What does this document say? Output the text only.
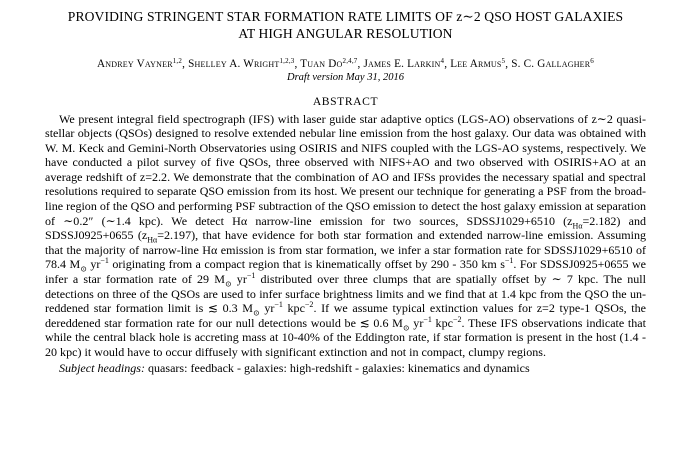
PROVIDING STRINGENT STAR FORMATION RATE LIMITS OF z∼2 QSO HOST GALAXIES
AT HIGH ANGULAR RESOLUTION
Andrey Vayner$^{1,2}$, Shelley A. Wright$^{1,2,3}$, Tuan Do$^{2,4,7}$, James E. Larkin$^4$, Lee Armus$^5$, S. C. Gallagher$^6$
Draft version May 31, 2016
ABSTRACT

We present integral field spectrograph (IFS) with laser guide star adaptive optics (LGS-AO) observations of z∼2 quasi-stellar objects (QSOs) designed to resolve extended nebular line emission from the host galaxy. Our data was obtained with W. M. Keck and Gemini-North Observatories using OSIRIS and NIFS coupled with the LGS-AO systems, respectively. We have conducted a pilot survey of five QSOs, three observed with NIFS+AO and two observed with OSIRIS+AO at an average redshift of z=2.2. We demonstrate that the combination of AO and IFSs provides the necessary spatial and spectral resolutions required to separate QSO emission from its host. We present our technique for generating a PSF from the broad-line region of the QSO and performing PSF subtraction of the QSO emission to detect the host galaxy emission at separation of ∼0.2″ (∼1.4 kpc). We detect Hα narrow-line emission for two sources, SDSSJ1029+6510 $(z_{H\alpha}=2.182)$ and SDSSJ0925+0655 $(z_{H\alpha}=2.197)$, that have evidence for both star formation and extended narrow-line emission. Assuming that the majority of narrow-line Hα emission is from star formation, we infer a star formation rate for SDSSJ1029+6510 of 78.4 $M_⊙$ $yr^{-1}$ originating from a compact region that is kinematically offset by 290 - 350 km $s^{-1}$. For SDSSJ0925+0655 we infer a star formation rate of 29 $M_⊙$ $yr^{-1}$ distributed over three clumps that are spatially offset by ∼ 7 kpc. The null detections on three of the QSOs are used to infer surface brightness limits and we find that at 1.4 kpc from the QSO the un-reddened star formation limit is ≲ 0.3 $M_⊙$ $yr^{-1}$ kpc$^{-2}$. If we assume typical extinction values for z=2 type-1 QSOs, the dereddened star formation rate for our null detections would be ≲ 0.6 $M_⊙$ $yr^{-1}$ kpc$^{-2}$. These IFS observations indicate that while the central black hole is accreting mass at 10-40% of the Eddington rate, if star formation is present in the host (1.4 - 20 kpc) it would have to occur diffusely with significant extinction and not in compact, clumpy regions.

Subject headings: quasars: feedback - galaxies: high-redshift - galaxies: kinematics and dynamics
